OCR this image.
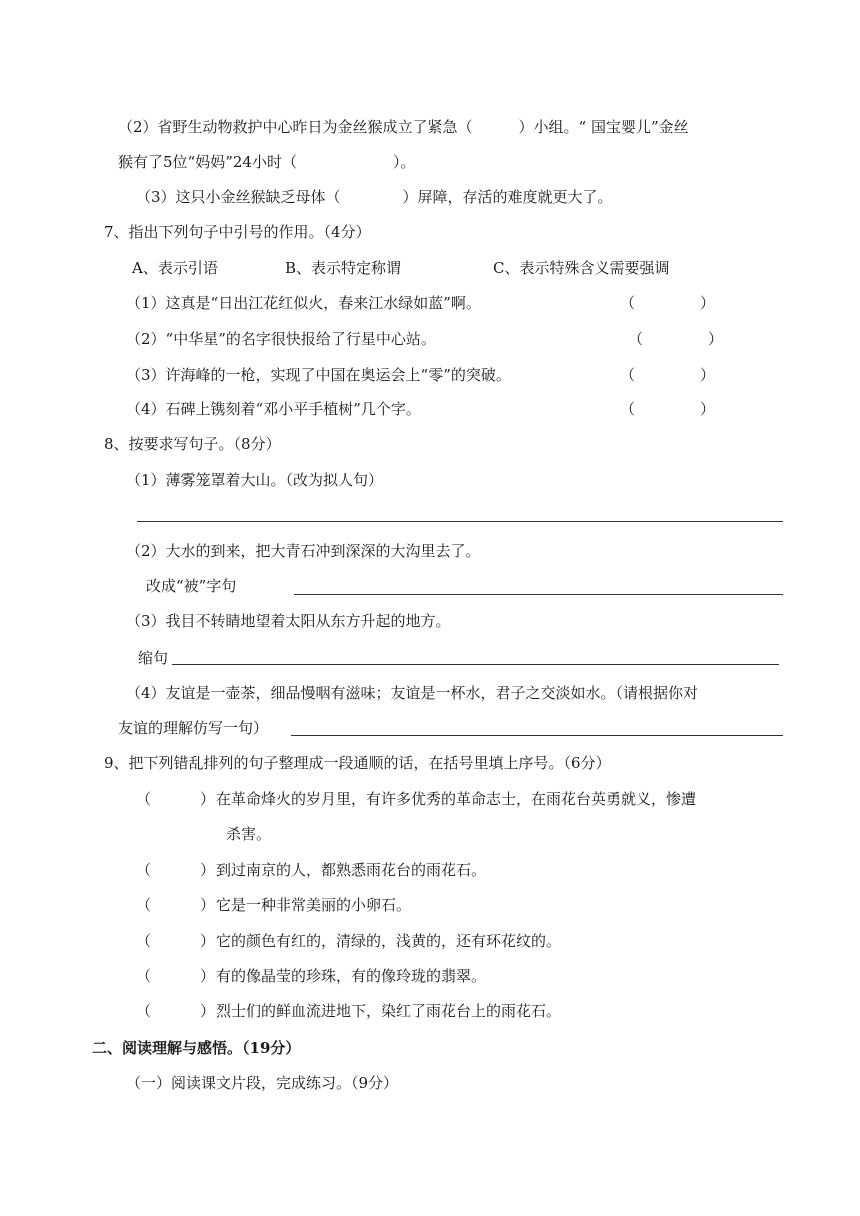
（2）省野生动物救护中心昨日为金丝猴成立了紧急（	）小组。“ 国宝婴儿”金丝
猴有了5位“妈妈”24小时（	）。
（3）这只小金丝猴缺乏母体（	）屏障，存活的难度就更大了。
7、指出下列句子中引号的作用。（4分）
A、表示引语	B、表示特定称谓	C、表示特殊含义需要强调
（1）这真是“日出江花红似火，春来江水绿如蓝”啊。	（	）
（2）“中华星”的名字很快报给了行星中心站。	（	）
（3）许海峰的一枪，实现了中国在奥运会上“零”的突破。	（	）
（4）石碑上镌刻着“邓小平手植树”几个字。	（	）
8、按要求写句子。（8分）
（1）薄雾笼罩着大山。（改为拟人句）
（2）大水的到来，把大青石冲到深深的大沟里去了。
改成“被”字句
（3）我目不转睛地望着太阳从东方升起的地方。
缩句
（4）友谊是一壶茶，细品慢咽有滋味；友谊是一杯水，君子之交淡如水。（请根据你对
友谊的理解仿写一句）
9、把下列错乱排列的句子整理成一段通顺的话，在括号里填上序号。（6分）
（	） 在革命烽火的岁月里，有许多优秀的革命志士，在雨花台英勇就义，惨遭
杀害。
（	） 到过南京的人，都熟悉雨花台的雨花石。
（	） 它是一种非常美丽的小卵石。
（	） 它的颜色有红的，清绿的，浅黄的，还有环花纹的。
（	） 有的像晶莹的珍珠，有的像玲珑的翡翠。
（	） 烈士们的鲜血流进地下，染红了雨花台上的雨花石。
二、阅读理解与感悟。（19分）
（一）阅读课文片段，完成练习。（9分）
